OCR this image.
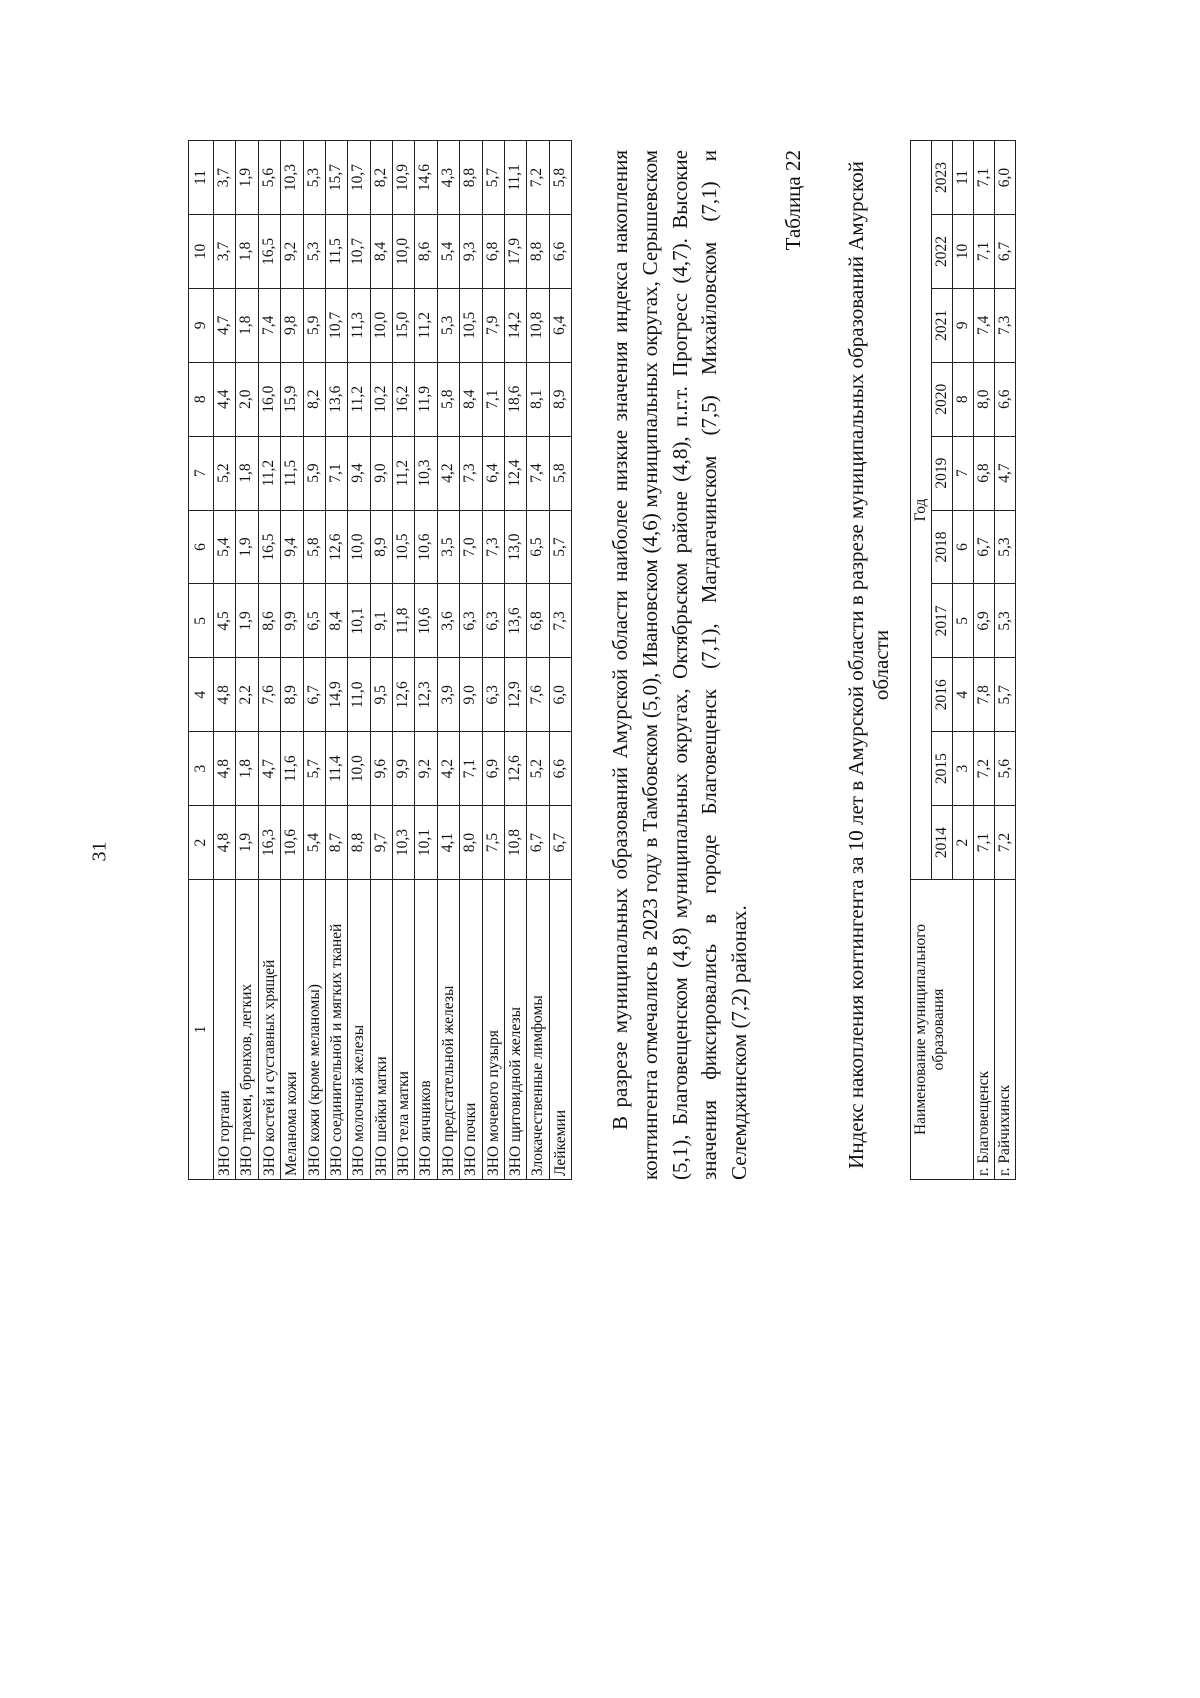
31
1	2	3	4	5	6	7	8	9	10	11
ЗНО гортани	4,8	4,8	4,8	4,5	5,4	5,2	4,4	4,7	3,7	3,7
ЗНО трахеи, бронхов, легких	1,9	1,8	2,2	1,9	1,9	1,8	2,0	1,8	1,8	1,9
ЗНО костей и суставных хрящей	16,3	4,7	7,6	8,6	16,5	11,2	16,0	7,4	16,5	5,6
Меланома кожи	10,6	11,6	8,9	9,9	9,4	11,5	15,9	9,8	9,2	10,3
ЗНО кожи (кроме меланомы)	5,4	5,7	6,7	6,5	5,8	5,9	8,2	5,9	5,3	5,3
ЗНО соединительной и мягких тканей	8,7	11,4	14,9	8,4	12,6	7,1	13,6	10,7	11,5	15,7
ЗНО молочной железы	8,8	10,0	11,0	10,1	10,0	9,4	11,2	11,3	10,7	10,7
ЗНО шейки матки	9,7	9,6	9,5	9,1	8,9	9,0	10,2	10,0	8,4	8,2
ЗНО тела матки	10,3	9,9	12,6	11,8	10,5	11,2	16,2	15,0	10,0	10,9
ЗНО яичников	10,1	9,2	12,3	10,6	10,6	10,3	11,9	11,2	8,6	14,6
ЗНО предстательной железы	4,1	4,2	3,9	3,6	3,5	4,2	5,8	5,3	5,4	4,3
ЗНО почки	8,0	7,1	9,0	6,3	7,0	7,3	8,4	10,5	9,3	8,8
ЗНО мочевого пузыря	7,5	6,9	6,3	6,3	7,3	6,4	7,1	7,9	6,8	5,7
ЗНО щитовидной железы	10,8	12,6	12,9	13,6	13,0	12,4	18,6	14,2	17,9	11,1
Злокачественные лимфомы	6,7	5,2	7,6	6,8	6,5	7,4	8,1	10,8	8,8	7,2
Лейкемии	6,7	6,6	6,0	7,3	5,7	5,8	8,9	6,4	6,6	5,8 В разрезе муниципальных образований Амурской области наиболее низкие значения индекса накопления контингента отмечались в 2023 году в Тамбовском (5,0), Ивановском (4,6) муниципальных округах, Серышевском (5,1), Благовещенском (4,8) муниципальных округах, Октябрьском районе (4,8), п.г.т. Прогресс (4,7). Высокие значения фиксировались в городе Благовещенск (7,1), Магдагачинском (7,5) Михайловском (7,1) и Селемджинском (7,2) районах.

Таблица 22 Индекс накопления контингента за 10 лет в Амурской области в разрезе муниципальных образований Амурской области
Наименование муниципального образования	Год									
	2014	2015	2016	2017	2018	2019	2020	2021	2022	2023
	2	3	4	5	6	7	8	9	10	11
г. Благовещенск	7,1	7,2	7,8	6,9	6,7	6,8	8,0	7,4	7,1	7,1
г. Райчихинск	7,2	5,6	5,7	5,3	5,3	4,7	6,6	7,3	6,7	6,0
